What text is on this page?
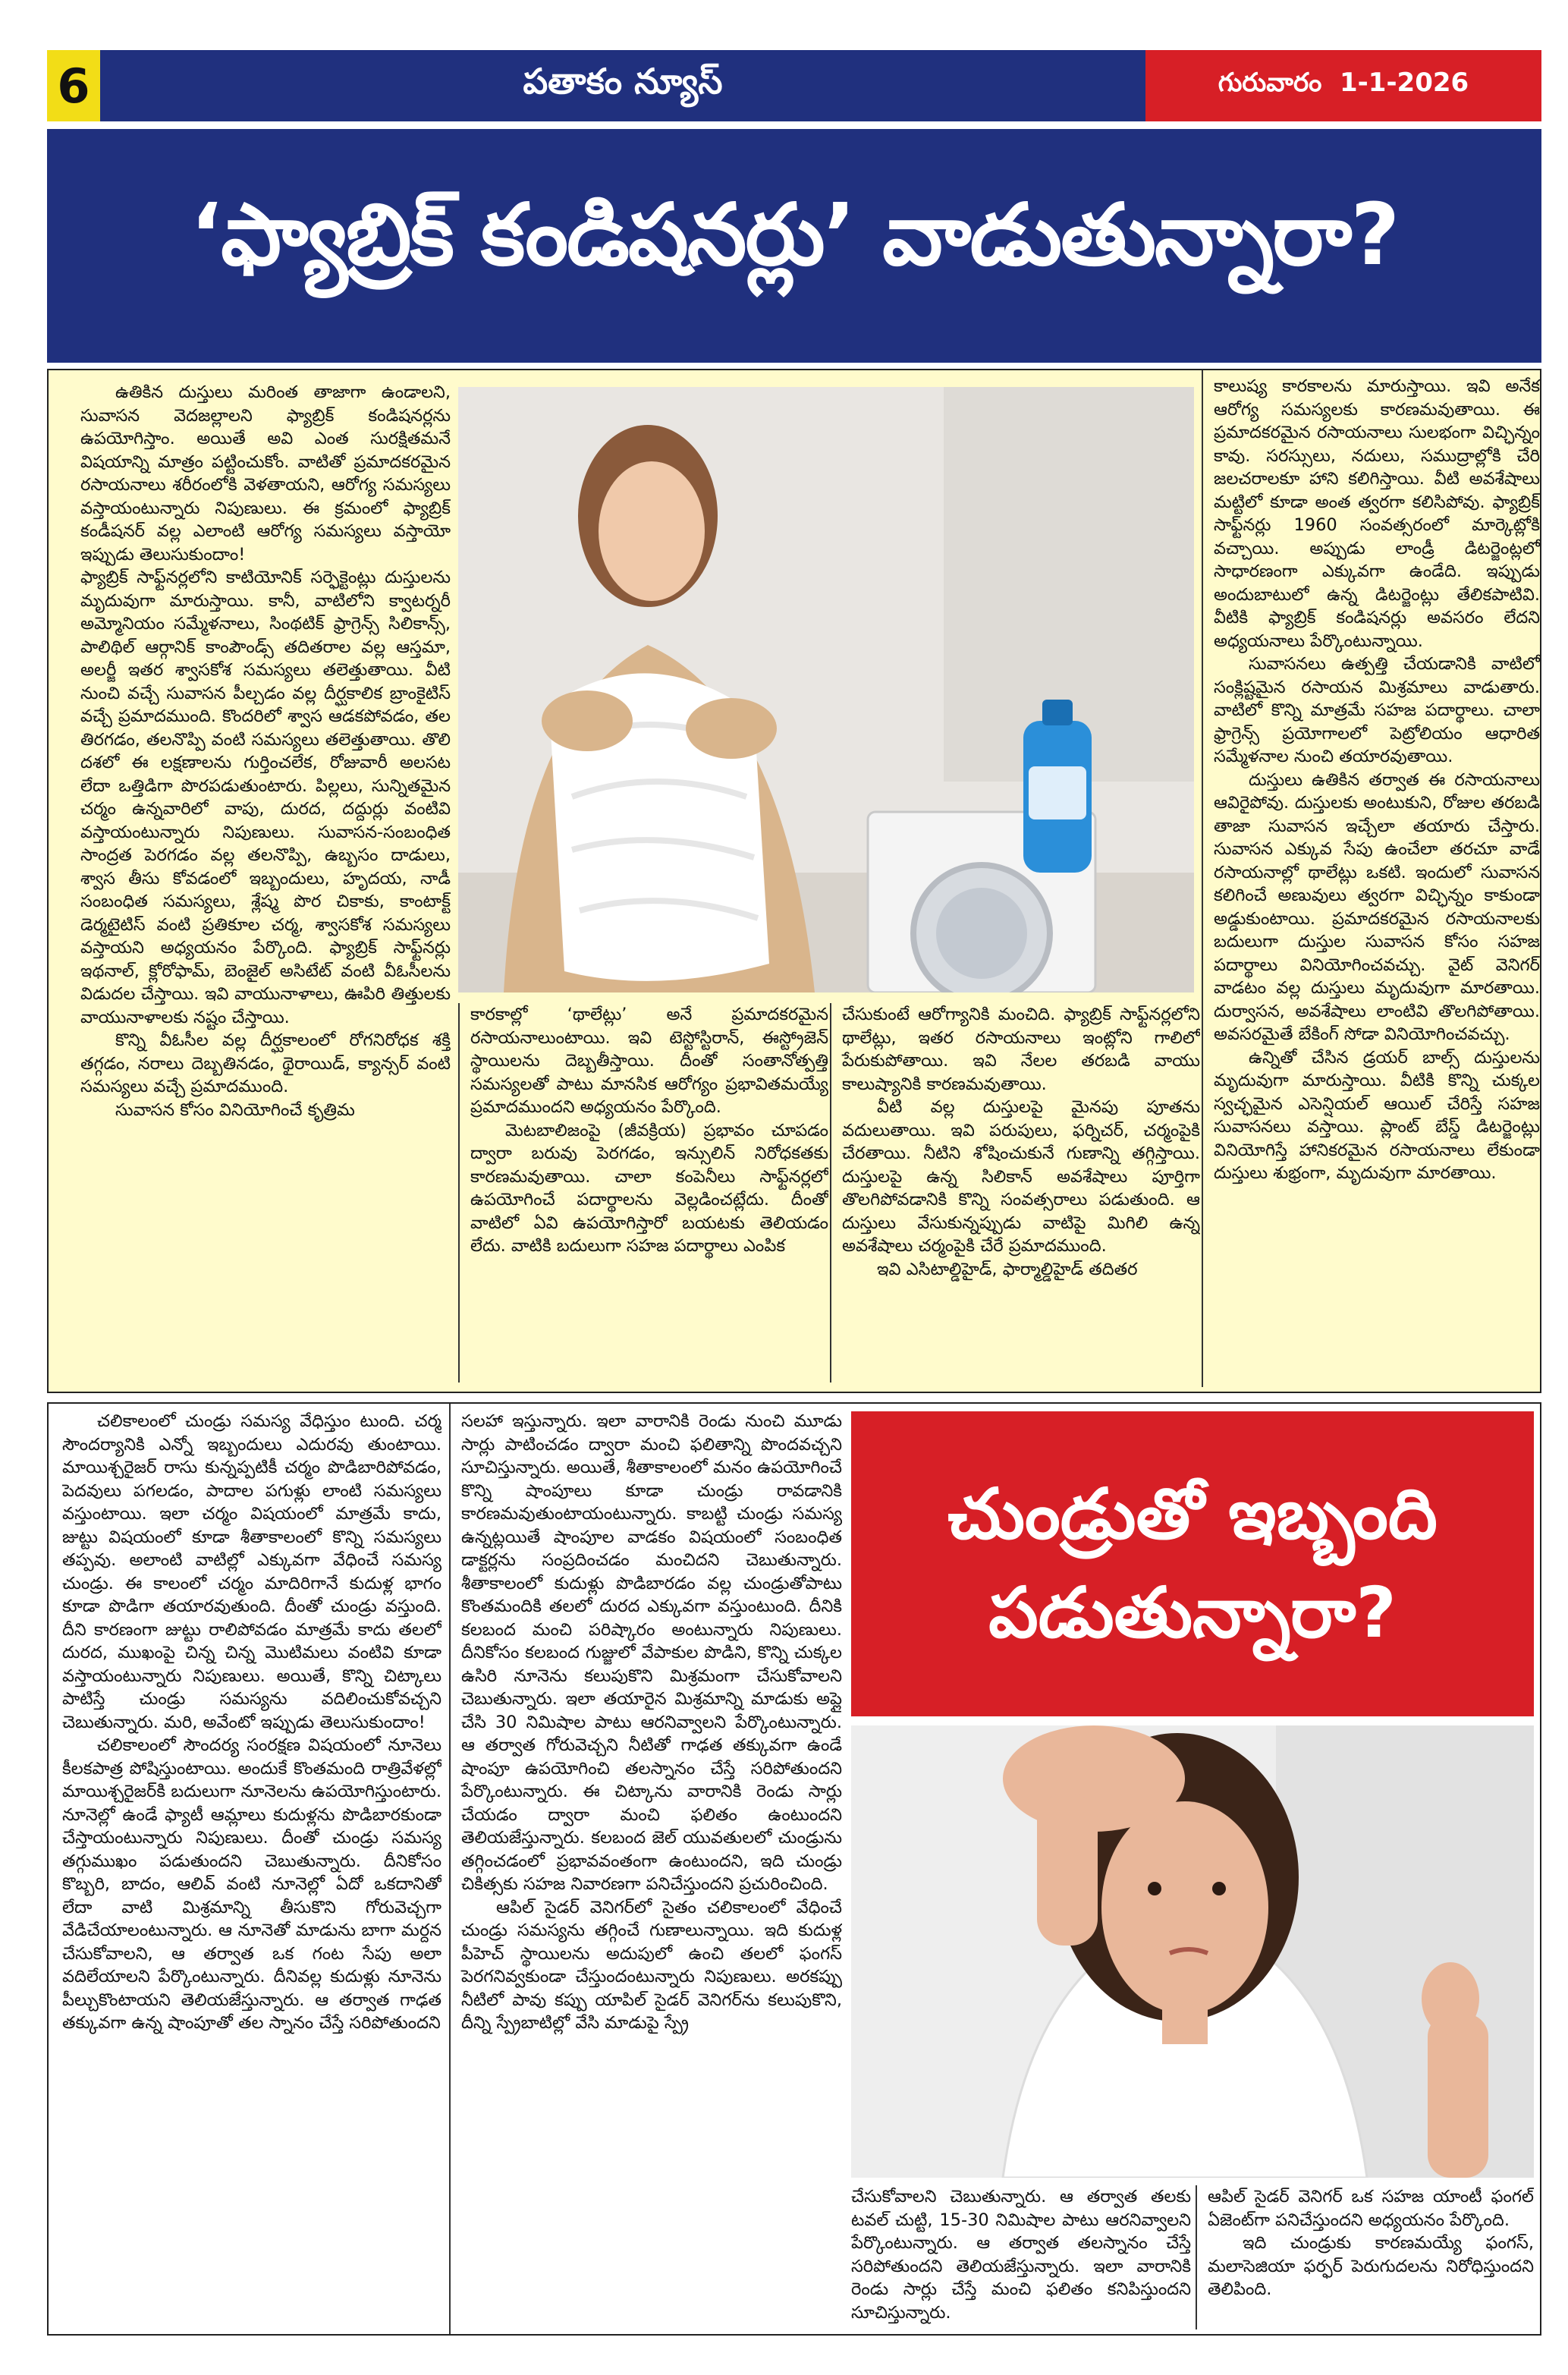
6	పతాకం న్యూస్	గురువారం  1-1-2026
‘ఫ్యాబ్రిక్ కండిషనర్లు’ వాడుతున్నారా?

ఉతికిన దుస్తులు మరింత తాజాగా ఉండాలని, సువాసన వెదజల్లాలని ఫ్యాబ్రిక్ కండిషనర్లను ఉపయోగిస్తాం. అయితే అవి ఎంత సురక్షితమనే విషయాన్ని మాత్రం పట్టించుకోం. వాటితో ప్రమాదకరమైన రసాయనాలు శరీరంలోకి వెళతాయని, ఆరోగ్య సమస్యలు వస్తాయంటున్నారు నిపుణులు. ఈ క్రమంలో ఫ్యాబ్రిక్ కండీషనర్ వల్ల ఎలాంటి ఆరోగ్య సమస్యలు వస్తాయో ఇప్పుడు తెలుసుకుందాం!

ఫ్యాబ్రిక్ సాఫ్ట్‌నర్లలోని కాటియోనిక్ సర్ఫెక్టెంట్లు దుస్తులను మృదువుగా మారుస్తాయి. కానీ, వాటిలోని క్వాటర్నరీ అమ్మోనియం సమ్మేళనాలు, సింథటిక్ ఫ్రాగ్రెన్స్ సిలికాన్స్, పాలిథిల్ ఆర్గానిక్ కాంపౌండ్స్ తదితరాల వల్ల ఆస్తమా, అలర్జీ ఇతర శ్వాసకోశ సమస్యలు తలెత్తుతాయి. వీటి నుంచి వచ్చే సువాసన పీల్చడం వల్ల దీర్ఘకాలిక బ్రాంకైటిస్ వచ్చే ప్రమాదముంది. కొందరిలో శ్వాస ఆడకపోవడం, తల తిరగడం, తలనొప్పి వంటి సమస్యలు తలెత్తుతాయి. తొలి దశలో ఈ లక్షణాలను గుర్తించలేక, రోజువారీ అలసట లేదా ఒత్తిడిగా పొరపడుతుంటారు. పిల్లలు, సున్నితమైన చర్మం ఉన్నవారిలో వాపు, దురద, దద్దుర్లు వంటివి వస్తాయంటున్నారు నిపుణులు. సువాసన-సంబంధిత సాంద్రత పెరగడం వల్ల తలనొప్పి, ఉబ్బసం దాడులు, శ్వాస తీసు కోవడంలో ఇబ్బందులు, హృదయ, నాడీ సంబంధిత సమస్యలు, శ్లేష్మ పొర చికాకు, కాంటాక్ట్ డెర్మటైటిస్ వంటి ప్రతికూల చర్మ, శ్వాసకోశ సమస్యలు వస్తాయని అధ్యయనం పేర్కొంది. ఫ్యాబ్రిక్ సాఫ్ట్‌నర్లు ఇథనాల్, క్లోరోఫామ్, బెంజైల్ అసిటేట్ వంటి వీఓసీలను విడుదల చేస్తాయి. ఇవి వాయునాళాలు, ఊపిరి తిత్తులకు వాయునాళాలకు నష్టం చేస్తాయి.

కొన్ని వీఓసీల వల్ల దీర్ఘకాలంలో రోగనిరోధక శక్తి తగ్గడం, నరాలు దెబ్బతినడం, థైరాయిడ్, క్యాన్సర్ వంటి సమస్యలు వచ్చే ప్రమాదముంది.

సువాసన కోసం వినియోగించే కృత్రిమ

కారకాల్లో ‘థాలేట్లు’ అనే ప్రమాదకరమైన రసాయనాలుంటాయి. ఇవి టెస్టోస్టిరాన్, ఈస్ట్రోజెన్ స్థాయిలను దెబ్బతీస్తాయి. దీంతో సంతానోత్పత్తి సమస్యలతో పాటు మానసిక ఆరోగ్యం ప్రభావితమయ్యే ప్రమాదముందని అధ్యయనం పేర్కొంది.

మెటబాలిజంపై (జీవక్రియ) ప్రభావం చూపడం ద్వారా బరువు పెరగడం, ఇన్సులిన్ నిరోధకతకు కారణమవుతాయి. చాలా కంపెనీలు సాఫ్ట్‌నర్లలో ఉపయోగించే పదార్థాలను వెల్లడించట్లేదు. దీంతో వాటిలో ఏవి ఉపయోగిస్తారో బయటకు తెలియడం లేదు. వాటికి బదులుగా సహజ పదార్థాలు ఎంపిక

చేసుకుంటే ఆరోగ్యానికి మంచిది. ఫ్యాబ్రిక్ సాఫ్ట్‌నర్లలోని థాలేట్లు, ఇతర రసాయనాలు ఇంట్లోని గాలిలో పేరుకుపోతాయి. ఇవి నేలల తరబడి వాయు కాలుష్యానికి కారణమవుతాయి.

వీటి వల్ల దుస్తులపై మైనపు పూతను వదులుతాయి. ఇవి పరుపులు, ఫర్నిచర్, చర్మంపైకి చేరతాయి. నీటిని శోషించుకునే గుణాన్ని తగ్గిస్తాయి. దుస్తులపై ఉన్న సిలికాన్ అవశేషాలు పూర్తిగా తొలగిపోవడానికి కొన్ని సంవత్సరాలు పడుతుంది. ఆ దుస్తులు వేసుకున్నప్పుడు వాటిపై మిగిలి ఉన్న అవశేషాలు చర్మంపైకి చేరే ప్రమాదముంది.

ఇవి ఎసిటాల్డిహైడ్, ఫార్మాల్డిహైడ్ తదితర

కాలుష్య కారకాలను మారుస్తాయి. ఇవి అనేక ఆరోగ్య సమస్యలకు కారణమవుతాయి. ఈ ప్రమాదకరమైన రసాయనాలు సులభంగా విచ్ఛిన్నం కావు. సరస్సులు, నదులు, సముద్రాల్లోకి చేరి జలచరాలకూ హాని కలిగిస్తాయి. వీటి అవశేషాలు మట్టిలో కూడా అంత త్వరగా కలిసిపోవు. ఫ్యాబ్రిక్ సాఫ్ట్‌నర్లు 1960 సంవత్సరంలో మార్కెట్లోకి వచ్చాయి. అప్పుడు లాండ్రీ డిటర్జెంట్లలో సాధారణంగా ఎక్కువగా ఉండేది. ఇప్పుడు అందుబాటులో ఉన్న డిటర్జెంట్లు తేలికపాటివి. వీటికి ఫ్యాబ్రిక్ కండిషనర్లు అవసరం లేదని అధ్యయనాలు పేర్కొంటున్నాయి.

సువాసనలు ఉత్పత్తి చేయడానికి వాటిలో సంక్లిష్టమైన రసాయన మిశ్రమాలు వాడుతారు. వాటిలో కొన్ని మాత్రమే సహజ పదార్థాలు. చాలా ఫ్రాగ్రెన్స్ ప్రయోగాలలో పెట్రోలియం ఆధారిత సమ్మేళనాల నుంచి తయారవుతాయి.

దుస్తులు ఉతికిన తర్వాత ఈ రసాయనాలు ఆవిరైపోవు. దుస్తులకు అంటుకుని, రోజుల తరబడి తాజా సువాసన ఇచ్చేలా తయారు చేస్తారు. సువాసన ఎక్కువ సేపు ఉంచేలా తరచూ వాడే రసాయనాల్లో థాలేట్లు ఒకటి. ఇందులో సువాసన కలిగించే అణువులు త్వరగా విచ్ఛిన్నం కాకుండా అడ్డుకుంటాయి. ప్రమాదకరమైన రసాయనాలకు బదులుగా దుస్తుల సువాసన కోసం సహజ పదార్థాలు వినియోగించవచ్చు. వైట్ వెనిగర్ వాడటం వల్ల దుస్తులు మృదువుగా మారతాయి. దుర్వాసన, అవశేషాలు లాంటివి తొలగిపోతాయి. అవసరమైతే బేకింగ్ సోడా వినియోగించవచ్చు.

ఉన్నితో చేసిన డ్రయర్ బాల్స్ దుస్తులను మృదువుగా మారుస్తాయి. వీటికి కొన్ని చుక్కల స్వచ్ఛమైన ఎసెన్షియల్ ఆయిల్ చేరిస్తే సహజ సువాసనలు వస్తాయి. ప్లాంట్ బేస్డ్ డిటర్జెంట్లు వినియోగిస్తే హానికరమైన రసాయనాలు లేకుండా దుస్తులు శుభ్రంగా, మృదువుగా మారతాయి.

చలికాలంలో చుండ్రు సమస్య వేధిస్తుం టుంది. చర్మ సౌందర్యానికి ఎన్నో ఇబ్బందులు ఎదురవు తుంటాయి. మాయిశ్చరైజర్ రాసు కున్నప్పటికీ చర్మం పొడిబారిపోవడం, పెదవులు పగలడం, పాదాల పగుళ్లు లాంటి సమస్యలు వస్తుంటాయి. ఇలా చర్మం విషయంలో మాత్రమే కాదు, జుట్టు విషయంలో కూడా శీతాకాలంలో కొన్ని సమస్యలు తప్పవు. అలాంటి వాటిల్లో ఎక్కువగా వేధించే సమస్య చుండ్రు. ఈ కాలంలో చర్మం మాదిరిగానే కుదుళ్ల భాగం కూడా పొడిగా తయారవుతుంది. దీంతో చుండ్రు వస్తుంది. దీని కారణంగా జుట్టు రాలిపోవడం మాత్రమే కాదు తలలో దురద, ముఖంపై చిన్న చిన్న మొటిమలు వంటివి కూడా వస్తాయంటున్నారు నిపుణులు. అయితే, కొన్ని చిట్కాలు పాటిస్తే చుండ్రు సమస్యను వదిలించుకోవచ్చని చెబుతున్నారు. మరి, అవేంటో ఇప్పుడు తెలుసుకుందాం!

చలికాలంలో సౌందర్య సంరక్షణ విషయంలో నూనెలు కీలకపాత్ర పోషిస్తుంటాయి. అందుకే కొంతమంది రాత్రివేళల్లో మాయిశ్చరైజర్‌కి బదులుగా నూనెలను ఉపయోగిస్తుంటారు. నూనెల్లో ఉండే ఫ్యాటీ ఆమ్లాలు కుదుళ్లను పొడిబారకుండా చేస్తాయంటున్నారు నిపుణులు. దీంతో చుండ్రు సమస్య తగ్గుముఖం పడుతుందని చెబుతున్నారు. దీనికోసం కొబ్బరి, బాదం, ఆలివ్ వంటి నూనెల్లో ఏదో ఒకదానితో లేదా వాటి మిశ్రమాన్ని తీసుకొని గోరువెచ్చగా వేడిచేయాలంటున్నారు. ఆ నూనెతో మాడును బాగా మర్దన చేసుకోవాలని, ఆ తర్వాత ఒక గంట సేపు అలా వదిలేయాలని పేర్కొంటున్నారు. దీనివల్ల కుదుళ్లు నూనెను పీల్చుకొంటాయని తెలియజేస్తున్నారు. ఆ తర్వాత గాఢత తక్కువగా ఉన్న షాంపూతో తల స్నానం చేస్తే సరిపోతుందని

సలహా ఇస్తున్నారు. ఇలా వారానికి రెండు నుంచి మూడు సార్లు పాటించడం ద్వారా మంచి ఫలితాన్ని పొందవచ్చని సూచిస్తున్నారు. అయితే, శీతాకాలంలో మనం ఉపయోగించే కొన్ని షాంపూలు కూడా చుండ్రు రావడానికి కారణమవుతుంటాయంటున్నారు. కాబట్టి చుండ్రు సమస్య ఉన్నట్లయితే షాంపూల వాడకం విషయంలో సంబంధిత డాక్టర్లను సంప్రదించడం మంచిదని చెబుతున్నారు. శీతాకాలంలో కుదుళ్లు పొడిబారడం వల్ల చుండ్రుతోపాటు కొంతమందికి తలలో దురద ఎక్కువగా వస్తుంటుంది. దీనికి కలబంద మంచి పరిష్కారం అంటున్నారు నిపుణులు. దీనికోసం కలబంద గుజ్జులో వేపాకుల పొడిని, కొన్ని చుక్కల ఉసిరి నూనెను కలుపుకొని మిశ్రమంగా చేసుకోవాలని చెబుతున్నారు. ఇలా తయారైన మిశ్రమాన్ని మాడుకు అప్లై చేసి 30 నిమిషాల పాటు ఆరనివ్వాలని పేర్కొంటున్నారు. ఆ తర్వాత గోరువెచ్చని నీటితో గాఢత తక్కువగా ఉండే షాంపూ ఉపయోగించి తలస్నానం చేస్తే సరిపోతుందని పేర్కొంటున్నారు. ఈ చిట్కాను వారానికి రెండు సార్లు చేయడం ద్వారా మంచి ఫలితం ఉంటుందని తెలియజేస్తున్నారు. కలబంద జెల్ యువతులలో చుండ్రును తగ్గించడంలో ప్రభావవంతంగా ఉంటుందని, ఇది చుండ్రు చికిత్సకు సహజ నివారణగా పనిచేస్తుందని ప్రచురించింది.

ఆపిల్ సైడర్ వెనిగర్‌లో సైతం చలికాలంలో వేధించే చుండ్రు సమస్యను తగ్గించే గుణాలున్నాయి. ఇది కుదుళ్ల పీహెచ్ స్థాయిలను అదుపులో ఉంచి తలలో ఫంగస్ పెరగనివ్వకుండా చేస్తుందంటున్నారు నిపుణులు. అరకప్పు నీటిలో పావు కప్పు యాపిల్ సైడర్ వెనిగర్‌ను కలుపుకొని, దీన్ని స్ప్రేబాటిల్లో వేసి మాడుపై స్ప్రే

చుండ్రుతో ఇబ్బంది
పడుతున్నారా?

చేసుకోవాలని చెబుతున్నారు. ఆ తర్వాత తలకు టవల్ చుట్టి, 15-30 నిమిషాల పాటు ఆరనివ్వాలని పేర్కొంటున్నారు. ఆ తర్వాత తలస్నానం చేస్తే సరిపోతుందని తెలియజేస్తున్నారు. ఇలా వారానికి రెండు సార్లు చేస్తే మంచి ఫలితం కనిపిస్తుందని సూచిస్తున్నారు.

ఆపిల్ సైడర్ వెనిగర్ ఒక సహజ యాంటీ ఫంగల్ ఏజెంట్‌గా పనిచేస్తుందని అధ్యయనం పేర్కొంది.

ఇది చుండ్రుకు కారణమయ్యే ఫంగస్, మలాసెజియా ఫర్ఫర్ పెరుగుదలను నిరోధిస్తుందని తెలిపింది.
